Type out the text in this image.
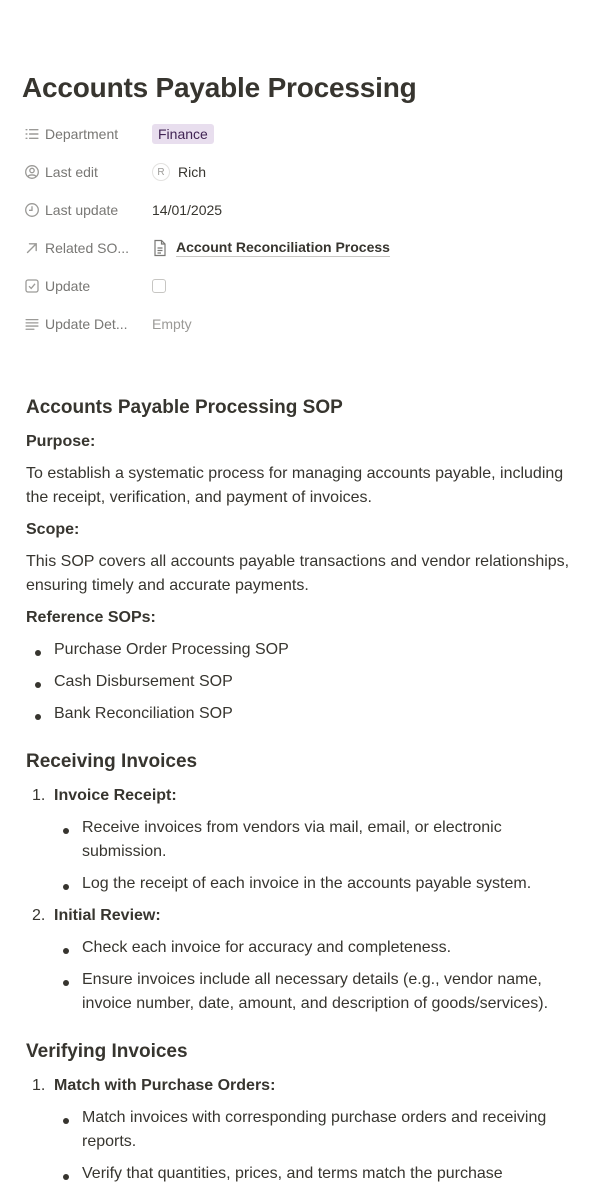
Accounts Payable Processing
Department	Finance
Last edit	R Rich
Last update 14/01/2025
Related SO...	Account Reconciliation Process
Update
Update Det... Empty
Accounts Payable Processing SOP
Purpose:

To establish a systematic process for managing accounts payable, including the receipt, verification, and payment of invoices.

Scope:

This SOP covers all accounts payable transactions and vendor relationships, ensuring timely and accurate payments.

Reference SOPs:
Purchase Order Processing SOP
Cash Disbursement SOP
Bank Reconciliation SOP
Receiving Invoices
1. Invoice Receipt:
Receive invoices from vendors via mail, email, or electronic submission.
Log the receipt of each invoice in the accounts payable system.
2. Initial Review:
Check each invoice for accuracy and completeness.
Ensure invoices include all necessary details (e.g., vendor name, invoice number, date, amount, and description of goods/services).
Verifying Invoices
1. Match with Purchase Orders:
Match invoices with corresponding purchase orders and receiving reports.
Verify that quantities, prices, and terms match the purchase
